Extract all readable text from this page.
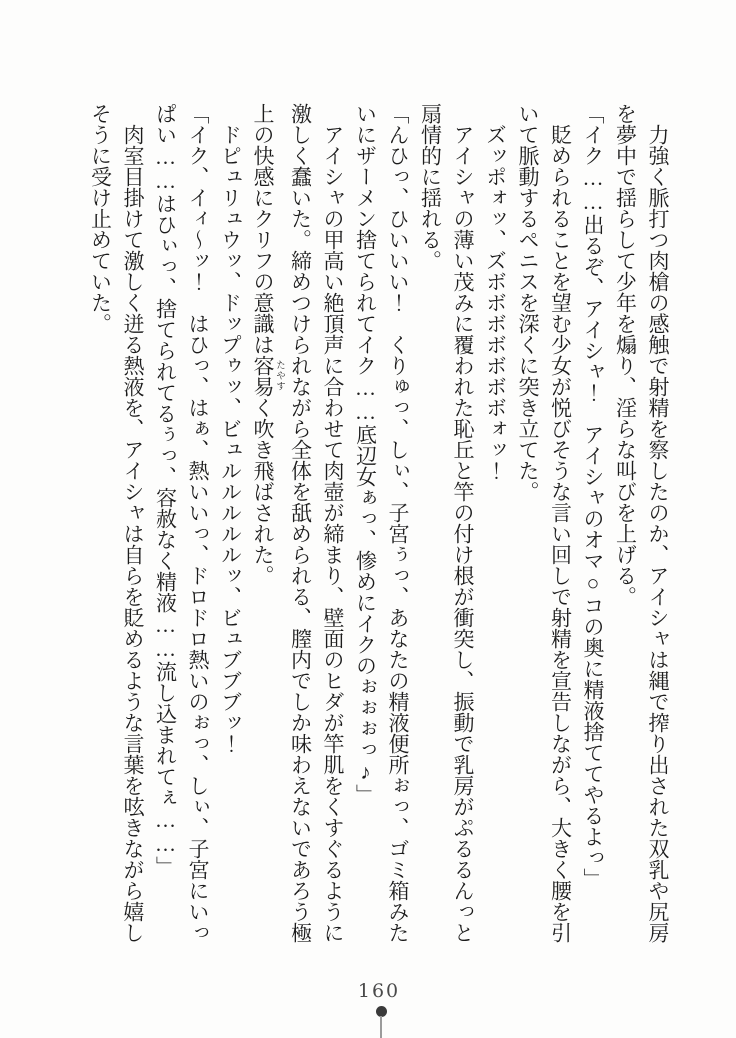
力強く脈打つ肉槍の感触で射精を察したのか、アイシャは縄で搾り出された双乳や尻房
を夢中で揺らして少年を煽り、淫らな叫びを上げる。
「イク……出るぞ、アイシャ！　アイシャのオマ○コの奥に精液捨ててやるよっ」
貶められることを望む少女が悦びそうな言い回しで射精を宣告しながら、大きく腰を引
いて脈動するペニスを深くに突き立てた。
ズッポォッ、ズボボボボボボボォッ！
アイシャの薄い茂みに覆われた恥丘と竿の付け根が衝突し、振動で乳房がぷるるんっと
扇情的に揺れる。
「んひっ、ひいいい！　くりゅっ、しぃ、子宮ぅっ、あなたの精液便所ぉっ、ゴミ箱みた
いにザーメン捨てられてイク……底辺女ぁっ、惨めにイクのぉぉぉっ♪」
アイシャの甲高い絶頂声に合わせて肉壺が締まり、壁面のヒダが竿肌をくすぐるように
激しく蠢いた。締めつけられながら全体を舐められる、膣内でしか味わえないであろう極
上の快感にクリフの意識は容易 たやすく吹き飛ばされた。
ドピュリュウッ、ドップゥッ、ビュルルルルルッ、ビュブブブッ！
「イク、イィ〜ッ！　はひっ、はぁ、熱いいっ、ドロドロ熱いのぉっ、しぃ、子宮にいっ
ぱい……はひぃっ、捨てられてるぅっ、容赦なく精液……流し込まれてぇ……」
肉室目掛けて激しく迸る熱液を、アイシャは自らを貶めるような言葉を呟きながら嬉し
そうに受け止めていた。
160
